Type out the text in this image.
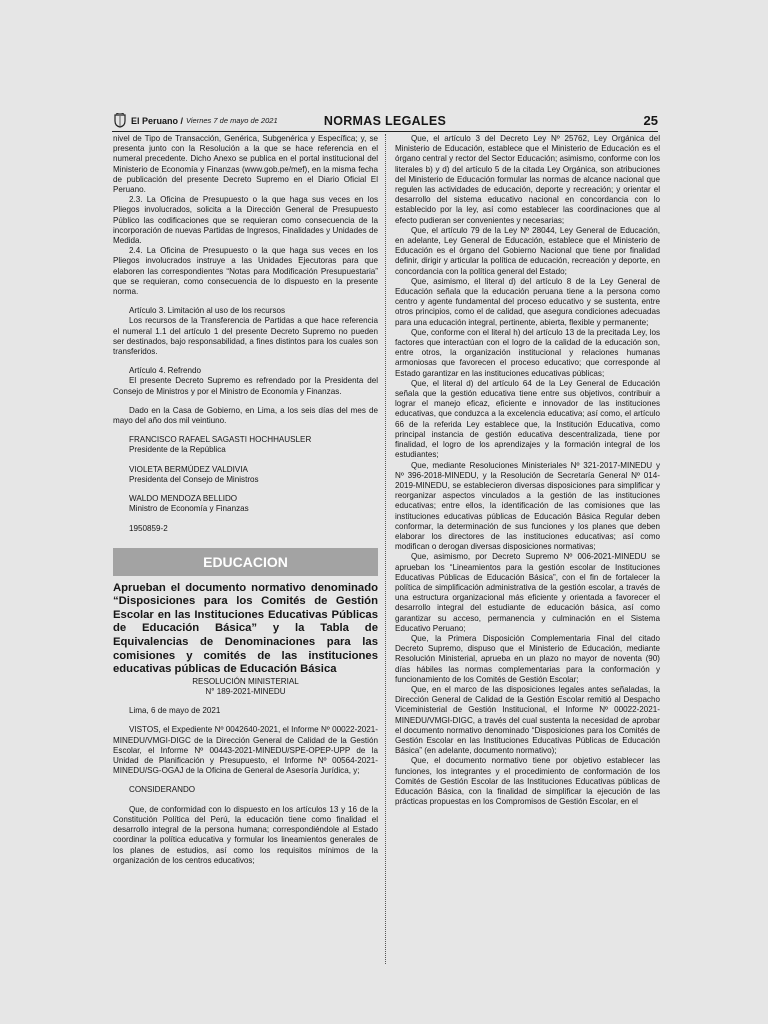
El Peruano / Viernes 7 de mayo de 2021	NORMAS LEGALES	25

nivel de Tipo de Transacción, Genérica, Subgenérica y Específica; y, se presenta junto con la Resolución a la que se hace referencia en el numeral precedente. Dicho Anexo se publica en el portal institucional del Ministerio de Economía y Finanzas (www.gob.pe/mef), en la misma fecha de publicación del presente Decreto Supremo en el Diario Oficial El Peruano.

2.3. La Oficina de Presupuesto o la que haga sus veces en los Pliegos involucrados, solicita a la Dirección General de Presupuesto Público las codificaciones que se requieran como consecuencia de la incorporación de nuevas Partidas de Ingresos, Finalidades y Unidades de Medida.

2.4. La Oficina de Presupuesto o la que haga sus veces en los Pliegos involucrados instruye a las Unidades Ejecutoras para que elaboren las correspondientes “Notas para Modificación Presupuestaria” que se requieran, como consecuencia de lo dispuesto en la presente norma.

Artículo 3. Limitación al uso de los recursos

Los recursos de la Transferencia de Partidas a que hace referencia el numeral 1.1 del artículo 1 del presente Decreto Supremo no pueden ser destinados, bajo responsabilidad, a fines distintos para los cuales son transferidos.

Artículo 4. Refrendo

El presente Decreto Supremo es refrendado por la Presidenta del Consejo de Ministros y por el Ministro de Economía y Finanzas.

Dado en la Casa de Gobierno, en Lima, a los seis días del mes de mayo del año dos mil veintiuno.

FRANCISCO RAFAEL SAGASTI HOCHHAUSLER

Presidente de la República

VIOLETA BERMÚDEZ VALDIVIA

Presidenta del Consejo de Ministros

WALDO MENDOZA BELLIDO

Ministro de Economía y Finanzas

1950859-2

EDUCACION

Aprueban el documento normativo denominado “Disposiciones para los Comités de Gestión Escolar en las Instituciones Educativas Públicas de Educación Básica” y la Tabla de Equivalencias de Denominaciones para las comisiones y comités de las instituciones educativas públicas de Educación Básica

RESOLUCIÓN MINISTERIAL

N° 189-2021-MINEDU

Lima, 6 de mayo de 2021

VISTOS, el Expediente Nº 0042640-2021, el Informe Nº 00022-2021-MINEDU/VMGI-DIGC de la Dirección General de Calidad de la Gestión Escolar, el Informe Nº 00443-2021-MINEDU/SPE-OPEP-UPP de la Unidad de Planificación y Presupuesto, el Informe Nº 00564-2021-MINEDU/SG-OGAJ de la Oficina de General de Asesoría Jurídica, y;

CONSIDERANDO

Que, de conformidad con lo dispuesto en los artículos 13 y 16 de la Constitución Política del Perú, la educación tiene como finalidad el desarrollo integral de la persona humana; correspondiéndole al Estado coordinar la política educativa y formular los lineamientos generales de los planes de estudios, así como los requisitos mínimos de la organización de los centros educativos;

Que, el artículo 3 del Decreto Ley Nº 25762, Ley Orgánica del Ministerio de Educación, establece que el Ministerio de Educación es el órgano central y rector del Sector Educación; asimismo, conforme con los literales b) y d) del artículo 5 de la citada Ley Orgánica, son atribuciones del Ministerio de Educación formular las normas de alcance nacional que regulen las actividades de educación, deporte y recreación; y orientar el desarrollo del sistema educativo nacional en concordancia con lo establecido por la ley, así como establecer las coordinaciones que al efecto pudieran ser convenientes y necesarias;

Que, el artículo 79 de la Ley Nº 28044, Ley General de Educación, en adelante, Ley General de Educación, establece que el Ministerio de Educación es el órgano del Gobierno Nacional que tiene por finalidad definir, dirigir y articular la política de educación, recreación y deporte, en concordancia con la política general del Estado;

Que, asimismo, el literal d) del artículo 8 de la Ley General de Educación señala que la educación peruana tiene a la persona como centro y agente fundamental del proceso educativo y se sustenta, entre otros principios, como el de calidad, que asegura condiciones adecuadas para una educación integral, pertinente, abierta, flexible y permanente;

Que, conforme con el literal h) del artículo 13 de la precitada Ley, los factores que interactúan con el logro de la calidad de la educación son, entre otros, la organización institucional y relaciones humanas armoniosas que favorecen el proceso educativo; que corresponde al Estado garantizar en las instituciones educativas públicas;

Que, el literal d) del artículo 64 de la Ley General de Educación señala que la gestión educativa tiene entre sus objetivos, contribuir a lograr el manejo eficaz, eficiente e innovador de las instituciones educativas, que conduzca a la excelencia educativa; así como, el artículo 66 de la referida Ley establece que, la Institución Educativa, como principal instancia de gestión educativa descentralizada, tiene por finalidad, el logro de los aprendizajes y la formación integral de los estudiantes;

Que, mediante Resoluciones Ministeriales Nº 321-2017-MINEDU y Nº 396-2018-MINEDU, y la Resolución de Secretaría General Nº 014-2019-MINEDU, se establecieron diversas disposiciones para simplificar y reorganizar aspectos vinculados a la gestión de las instituciones educativas; entre ellos, la identificación de las comisiones que las instituciones educativas públicas de Educación Básica Regular deben conformar, la determinación de sus funciones y los planes que deben elaborar los directores de las instituciones educativas; así como modifican o derogan diversas disposiciones normativas;

Que, asimismo, por Decreto Supremo Nº 006-2021-MINEDU se aprueban los “Lineamientos para la gestión escolar de Instituciones Educativas Públicas de Educación Básica”, con el fin de fortalecer la política de simplificación administrativa de la gestión escolar, a través de una estructura organizacional más eficiente y orientada a favorecer el desarrollo integral del estudiante de educación básica, así como garantizar su acceso, permanencia y culminación en el Sistema Educativo Peruano;

Que, la Primera Disposición Complementaria Final del citado Decreto Supremo, dispuso que el Ministerio de Educación, mediante Resolución Ministerial, aprueba en un plazo no mayor de noventa (90) días hábiles las normas complementarias para la conformación y funcionamiento de los Comités de Gestión Escolar;

Que, en el marco de las disposiciones legales antes señaladas, la Dirección General de Calidad de la Gestión Escolar remitió al Despacho Viceministerial de Gestión Institucional, el Informe Nº 00022-2021-MINEDU/VMGI-DIGC, a través del cual sustenta la necesidad de aprobar el documento normativo denominado “Disposiciones para los Comités de Gestión Escolar en las Instituciones Educativas Públicas de Educación Básica” (en adelante, documento normativo);

Que, el documento normativo tiene por objetivo establecer las funciones, los integrantes y el procedimiento de conformación de los Comités de Gestión Escolar de las Instituciones Educativas públicas de Educación Básica, con la finalidad de simplificar la ejecución de las prácticas propuestas en los Compromisos de Gestión Escolar, en el
